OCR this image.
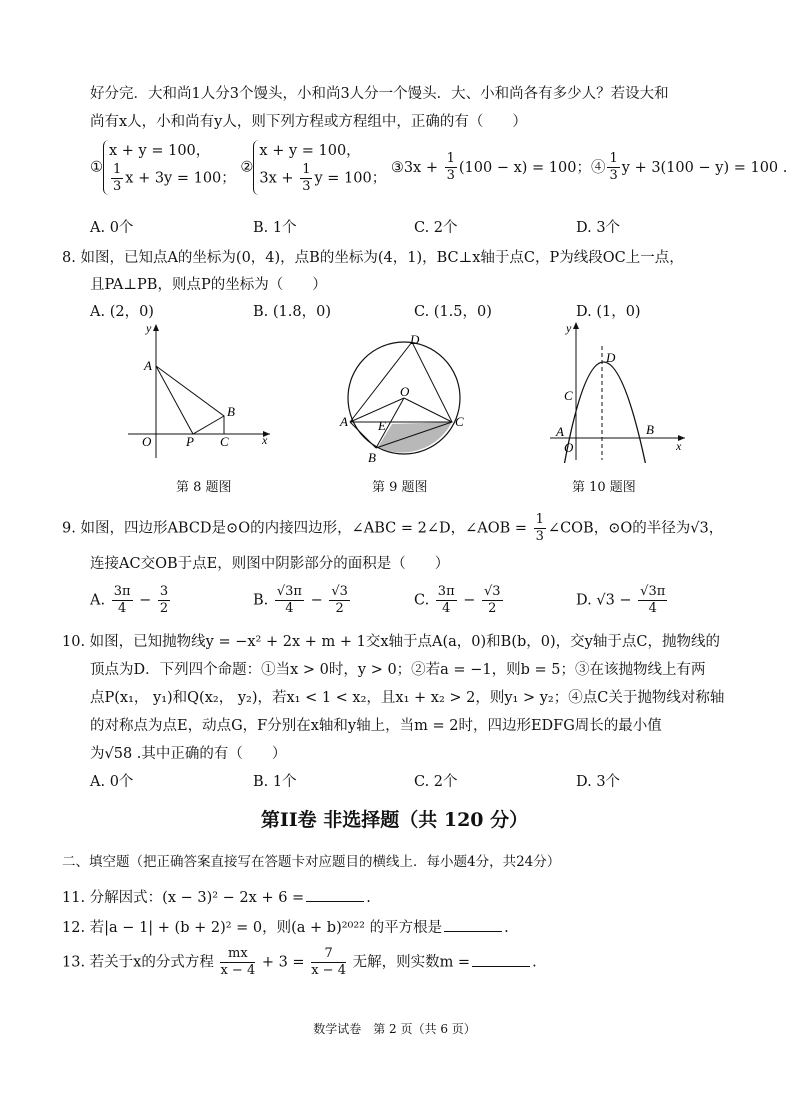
好分完．大和尚1人分3个馒头，小和尚3人分一个馒头．大、小和尚各有多少人？若设大和
尚有x人，小和尚有y人，则下列方程或方程组中，正确的有（　　）
①x + y = 100，

$\frac{1}{3}$ x + 3y = 100； ②x + y = 100，
$3x + \frac{1}{3}$ y = 100； ③3x + $\frac{1}{3} (100 - x) = 100$；④ $\frac{1}{3}$ y + 3(100 − y) = 100 .
A. 0个	B. 1个	C. 2个	D. 3个
8. 如图，已知点A的坐标为(0，4)，点B的坐标为(4，1)，BC⊥x轴于点C，P为线段OC上一点，
且PA⊥PB，则点P的坐标为（　　）
A. (2，0)	B. (1.8，0)	C. (1.5，0)	D. (1，0)
y
x
A
B
O	P C
D
O
A	C
E
B
y
x
D
C
A
O
B
第 8 题图	第 9 题图	第 10 题图
9. 如图，四边形ABCD是⊙O的内接四边形，∠ABC = 2∠D，∠AOB = $\frac{1}{3}$ ∠COB，⊙O的半径为√3，
连接AC交OB于点E，则图中阴影部分的面积是（　　）
A. $\frac{3\pi}{4} - \frac{3}{2}$	B. $\frac{√3\pi}{4} - \frac{√3}{2}$	C. $\frac{3\pi}{4} - \frac{√3}{2}$	D. $√3 - \frac{√3\pi}{4}$
10. 如图，已知抛物线y = −x² + 2x + m + 1交x轴于点A(a，0)和B(b，0)，交y轴于点C，抛物线的
顶点为D．下列四个命题：①当x > 0时，y > 0；②若a = −1，则b = 5；③在该抛物线上有两
点P(x₁， y₁)和Q(x₂， y₂)，若x₁ < 1 < x₂，且x₁ + x₂ > 2，则y₁ > y₂；④点C关于抛物线对称轴
的对称点为点E，动点G，F分别在x轴和y轴上，当m = 2时，四边形EDFG周长的最小值
为√58 .其中正确的有（　　）
A. 0个	B. 1个	C. 2个	D. 3个
第II卷 非选择题（共 120 分）
二、填空题（把正确答案直接写在答题卡对应题目的横线上．每小题4分，共24分）
11. 分解因式：(x − 3)² − 2x + 6 =	.
12. 若|a − 1| + (b + 2)² = 0，则(a + b)²⁰²² 的平方根是	.
13. 若关于x的分式方程 $\frac{mx}{x - 4} + 3 = \frac{7}{x - 4}$ 无解，则实数m =	.
数学试卷　第 2 页（共 6 页）
